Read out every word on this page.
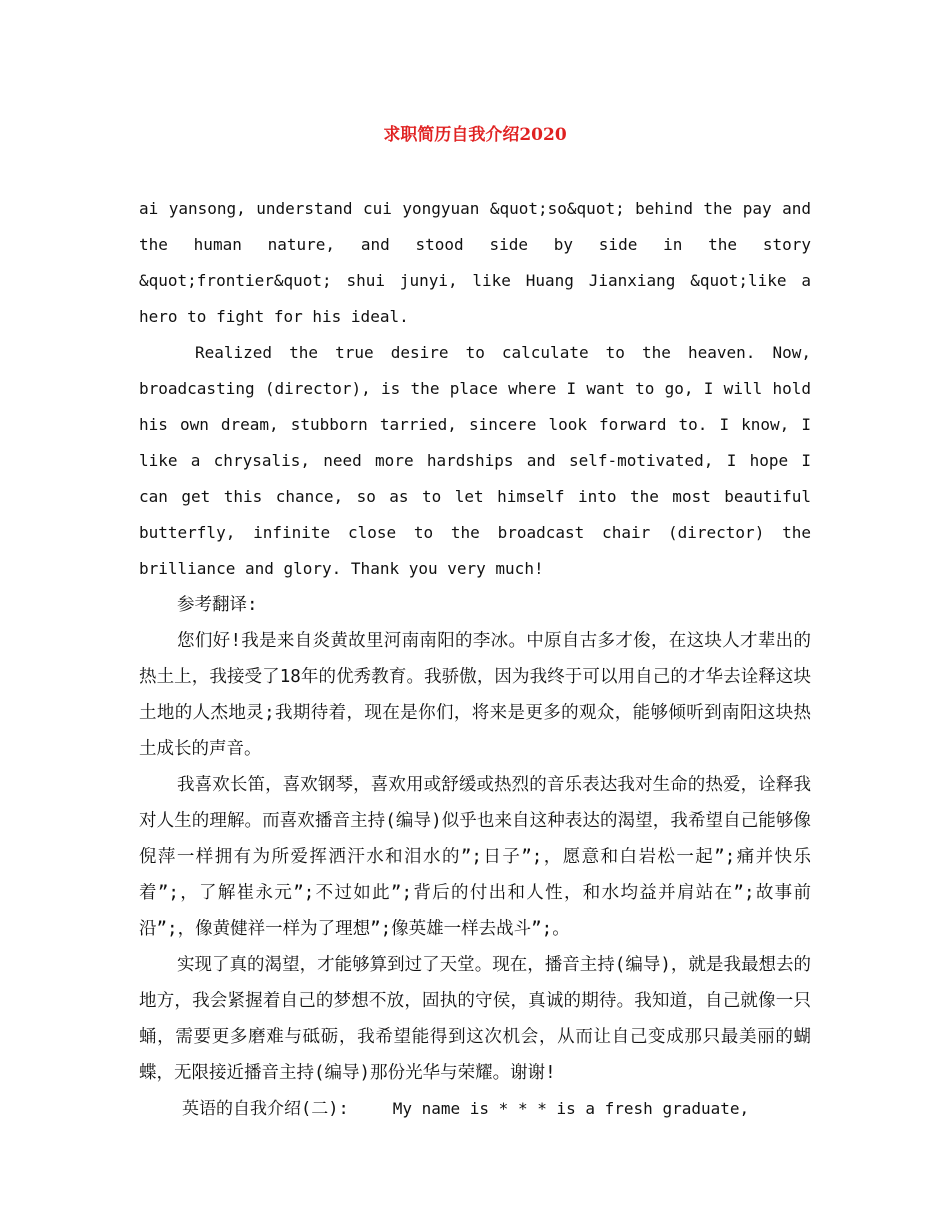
求职简历自我介绍2020

ai yansong, understand cui yongyuan &quot;so&quot; behind the pay and the human nature, and stood side by side in the story &quot;frontier&quot; shui junyi, like Huang Jianxiang &quot;like a hero to fight for his ideal.

Realized the true desire to calculate to the heaven. Now, broadcasting (director), is the place where I want to go, I will hold his own dream, stubborn tarried, sincere look forward to. I know, I like a chrysalis, need more hardships and self-motivated, I hope I can get this chance, so as to let himself into the most beautiful butterfly, infinite close to the broadcast chair (director) the brilliance and glory. Thank you very much!

参考翻译:

您们好!我是来自炎黄故里河南南阳的李冰。中原自古多才俊，在这块人才辈出的热土上，我接受了18年的优秀教育。我骄傲，因为我终于可以用自己的才华去诠释这块土地的人杰地灵;我期待着，现在是你们，将来是更多的观众，能够倾听到南阳这块热土成长的声音。

我喜欢长笛，喜欢钢琴，喜欢用或舒缓或热烈的音乐表达我对生命的热爱，诠释我对人生的理解。而喜欢播音主持(编导)似乎也来自这种表达的渴望，我希望自己能够像倪萍一样拥有为所爱挥洒汗水和泪水的”;日子”;，愿意和白岩松一起”;痛并快乐着”;，了解崔永元”;不过如此”;背后的付出和人性，和水均益并肩站在”;故事前沿”;，像黄健祥一样为了理想”;像英雄一样去战斗”;。

实现了真的渴望，才能够算到过了天堂。现在，播音主持(编导)，就是我最想去的地方，我会紧握着自己的梦想不放，固执的守侯，真诚的期待。我知道，自己就像一只蛹，需要更多磨难与砥砺，我希望能得到这次机会，从而让自己变成那只最美丽的蝴蝶，无限接近播音主持(编导)那份光华与荣耀。谢谢!

英语的自我介绍(二):	My name is * * * is a fresh graduate,
